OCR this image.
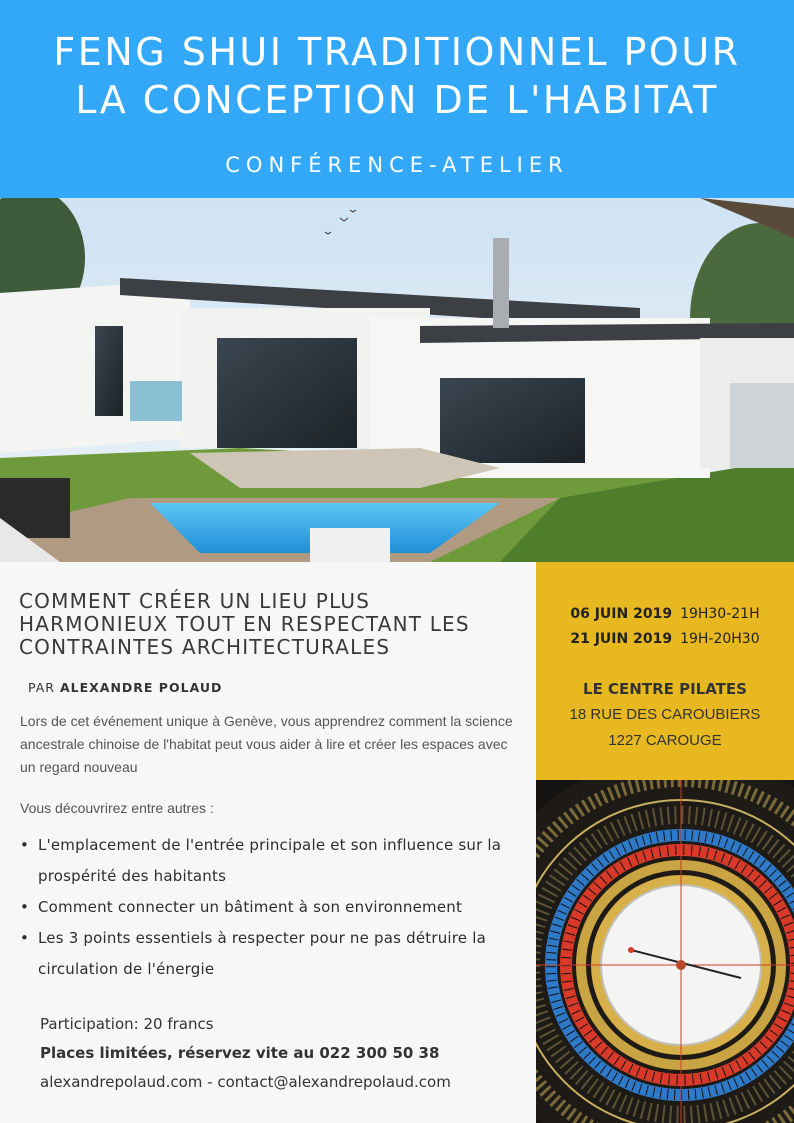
FENG SHUI TRADITIONNEL POUR
LA CONCEPTION DE L'HABITAT
CONFÉRENCE-ATELIER
COMMENT CRÉER UN LIEU PLUS
HARMONIEUX TOUT EN RESPECTANT LES
CONTRAINTES ARCHITECTURALES
PAR ALEXANDRE POLAUD
Lors de cet événement unique à Genève, vous apprendrez comment la science ancestrale chinoise de l'habitat peut vous aider à lire et créer les espaces avec un regard nouveau
Vous découvrirez entre autres :
• L'emplacement de l'entrée principale et son influence sur la prospérité des habitants
• Comment connecter un bâtiment à son environnement
• Les 3 points essentiels à respecter pour ne pas détruire la circulation de l'énergie
Participation: 20 francs
Places limitées, réservez vite au 022 300 50 38
alexandrepolaud.com - contact@alexandrepolaud.com
06 JUIN 2019 19H30-21H
21 JUIN 2019 19H-20H30
LE CENTRE PILATES
18 RUE DES CAROUBIERS
1227 CAROUGE
